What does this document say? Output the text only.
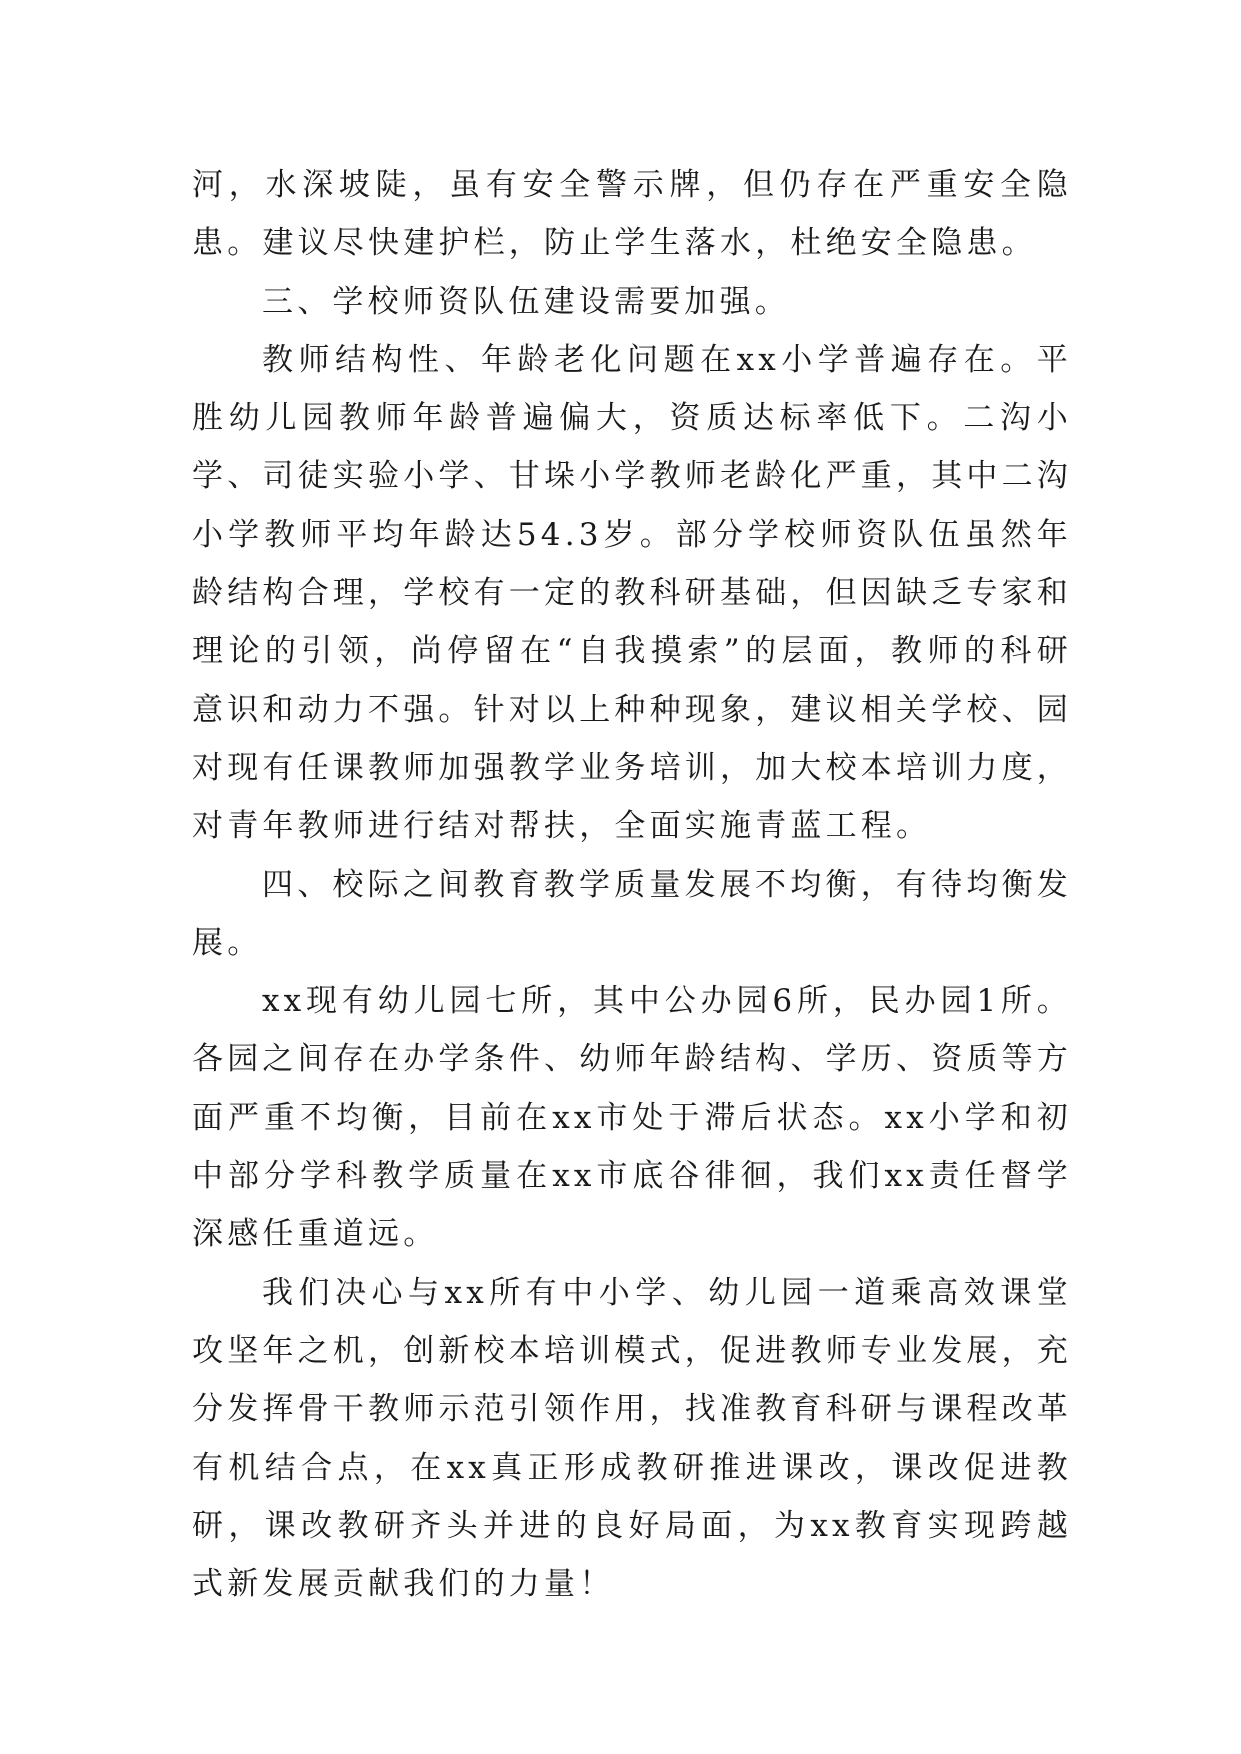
河，水深坡陡，虽有安全警示牌，但仍存在严重安全隐患。建议尽快建护栏，防止学生落水，杜绝安全隐患。

三、学校师资队伍建设需要加强。

教师结构性、年龄老化问题在xx小学普遍存在。平胜幼儿园教师年龄普遍偏大，资质达标率低下。二沟小学、司徒实验小学、甘垛小学教师老龄化严重，其中二沟小学教师平均年龄达54.3岁。部分学校师资队伍虽然年龄结构合理，学校有一定的教科研基础，但因缺乏专家和理论的引领，尚停留在“自我摸索”的层面，教师的科研意识和动力不强。针对以上种种现象，建议相关学校、园对现有任课教师加强教学业务培训，加大校本培训力度，对青年教师进行结对帮扶，全面实施青蓝工程。

四、校际之间教育教学质量发展不均衡，有待均衡发展。

xx现有幼儿园七所，其中公办园6所，民办园1所。各园之间存在办学条件、幼师年龄结构、学历、资质等方面严重不均衡，目前在xx市处于滞后状态。xx小学和初中部分学科教学质量在xx市底谷徘徊，我们xx责任督学深感任重道远。

我们决心与xx所有中小学、幼儿园一道乘高效课堂攻坚年之机，创新校本培训模式，促进教师专业发展，充分发挥骨干教师示范引领作用，找准教育科研与课程改革有机结合点，在xx真正形成教研推进课改，课改促进教研，课改教研齐头并进的良好局面，为xx教育实现跨越式新发展贡献我们的力量！
